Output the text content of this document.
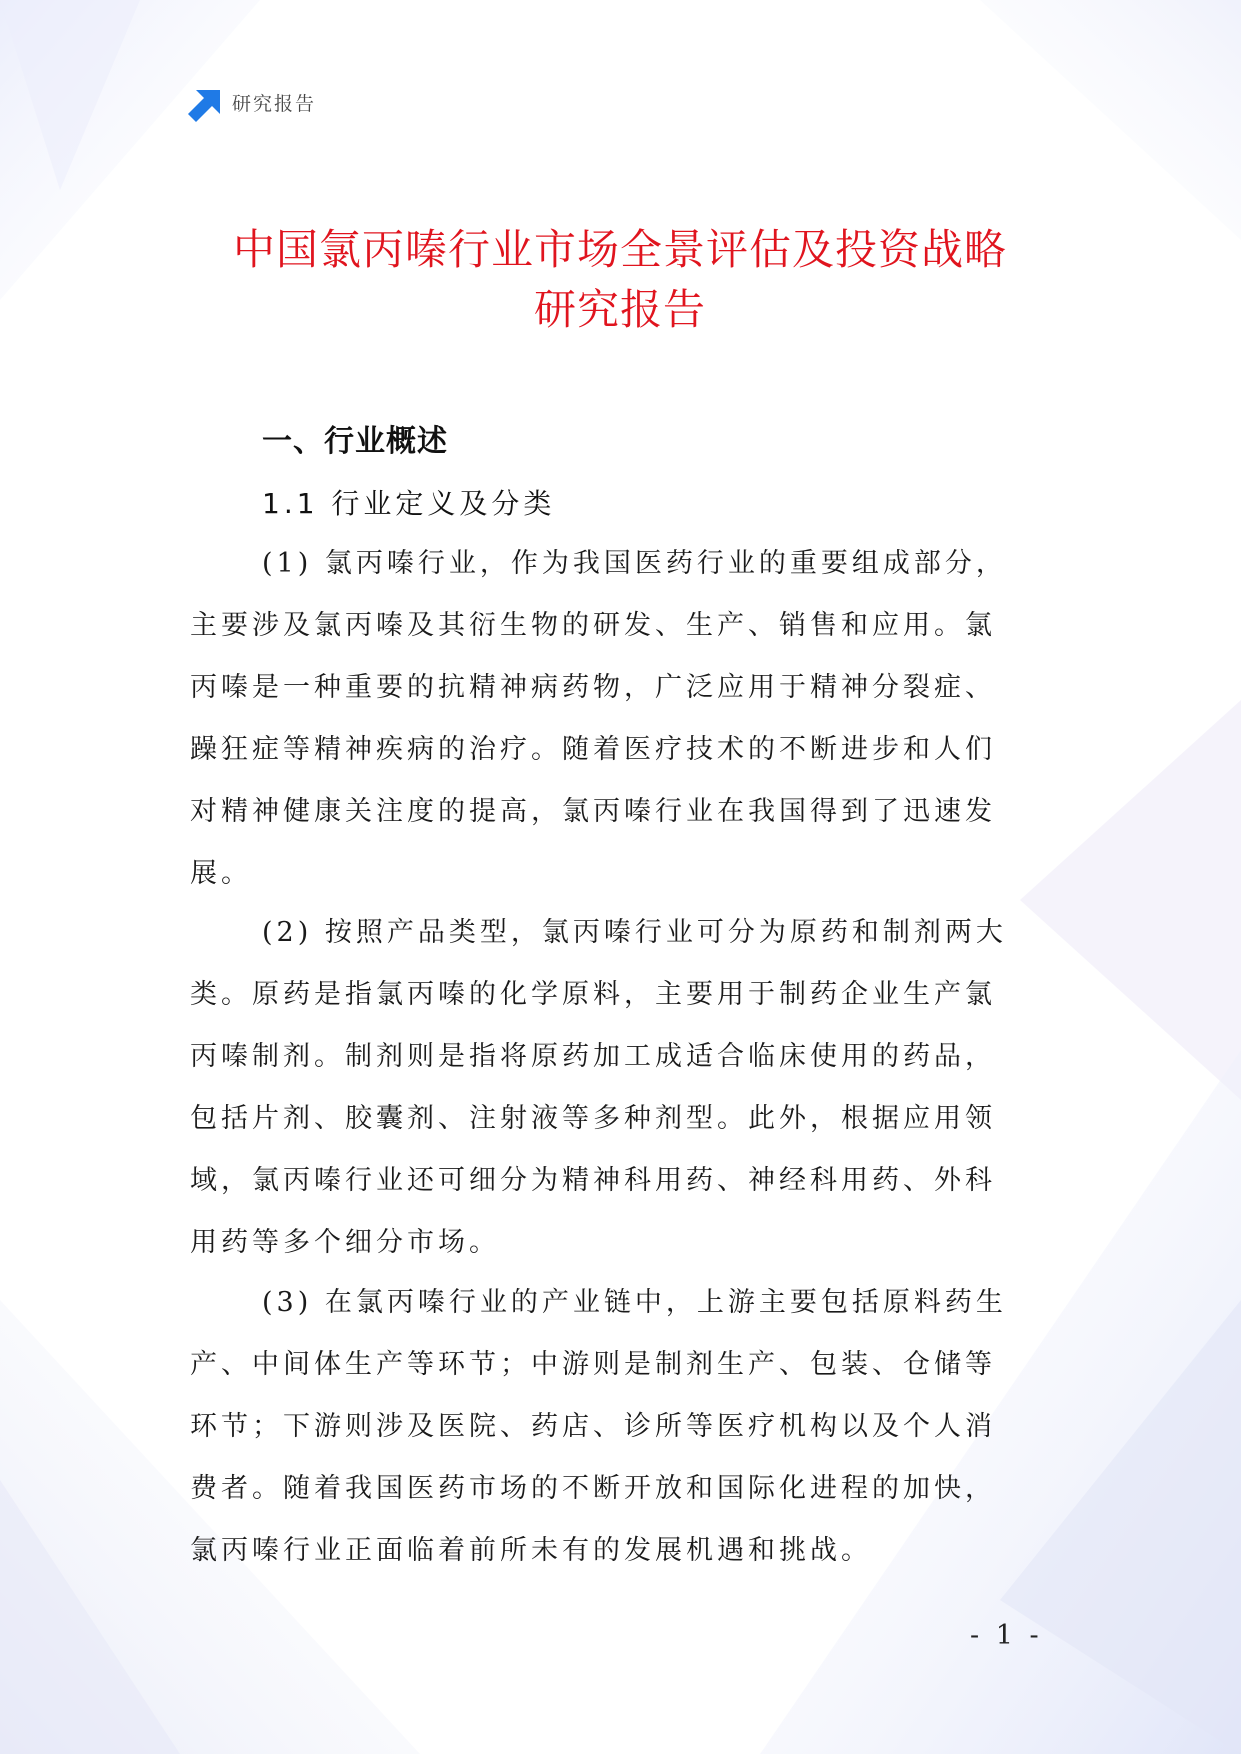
研究报告
中国氯丙嗪行业市场全景评估及投资战略
研究报告
一、行业概述
1.1 行业定义及分类

(1) 氯丙嗪行业，作为我国医药行业的重要组成部分，
主要涉及氯丙嗪及其衍生物的研发、生产、销售和应用。氯
丙嗪是一种重要的抗精神病药物，广泛应用于精神分裂症、
躁狂症等精神疾病的治疗。随着医疗技术的不断进步和人们
对精神健康关注度的提高，氯丙嗪行业在我国得到了迅速发
展。

(2) 按照产品类型，氯丙嗪行业可分为原药和制剂两大
类。原药是指氯丙嗪的化学原料，主要用于制药企业生产氯
丙嗪制剂。制剂则是指将原药加工成适合临床使用的药品，
包括片剂、胶囊剂、注射液等多种剂型。此外，根据应用领
域，氯丙嗪行业还可细分为精神科用药、神经科用药、外科
用药等多个细分市场。

(3) 在氯丙嗪行业的产业链中，上游主要包括原料药生
产、中间体生产等环节；中游则是制剂生产、包装、仓储等
环节；下游则涉及医院、药店、诊所等医疗机构以及个人消
费者。随着我国医药市场的不断开放和国际化进程的加快，
氯丙嗪行业正面临着前所未有的发展机遇和挑战。

- 1 -
